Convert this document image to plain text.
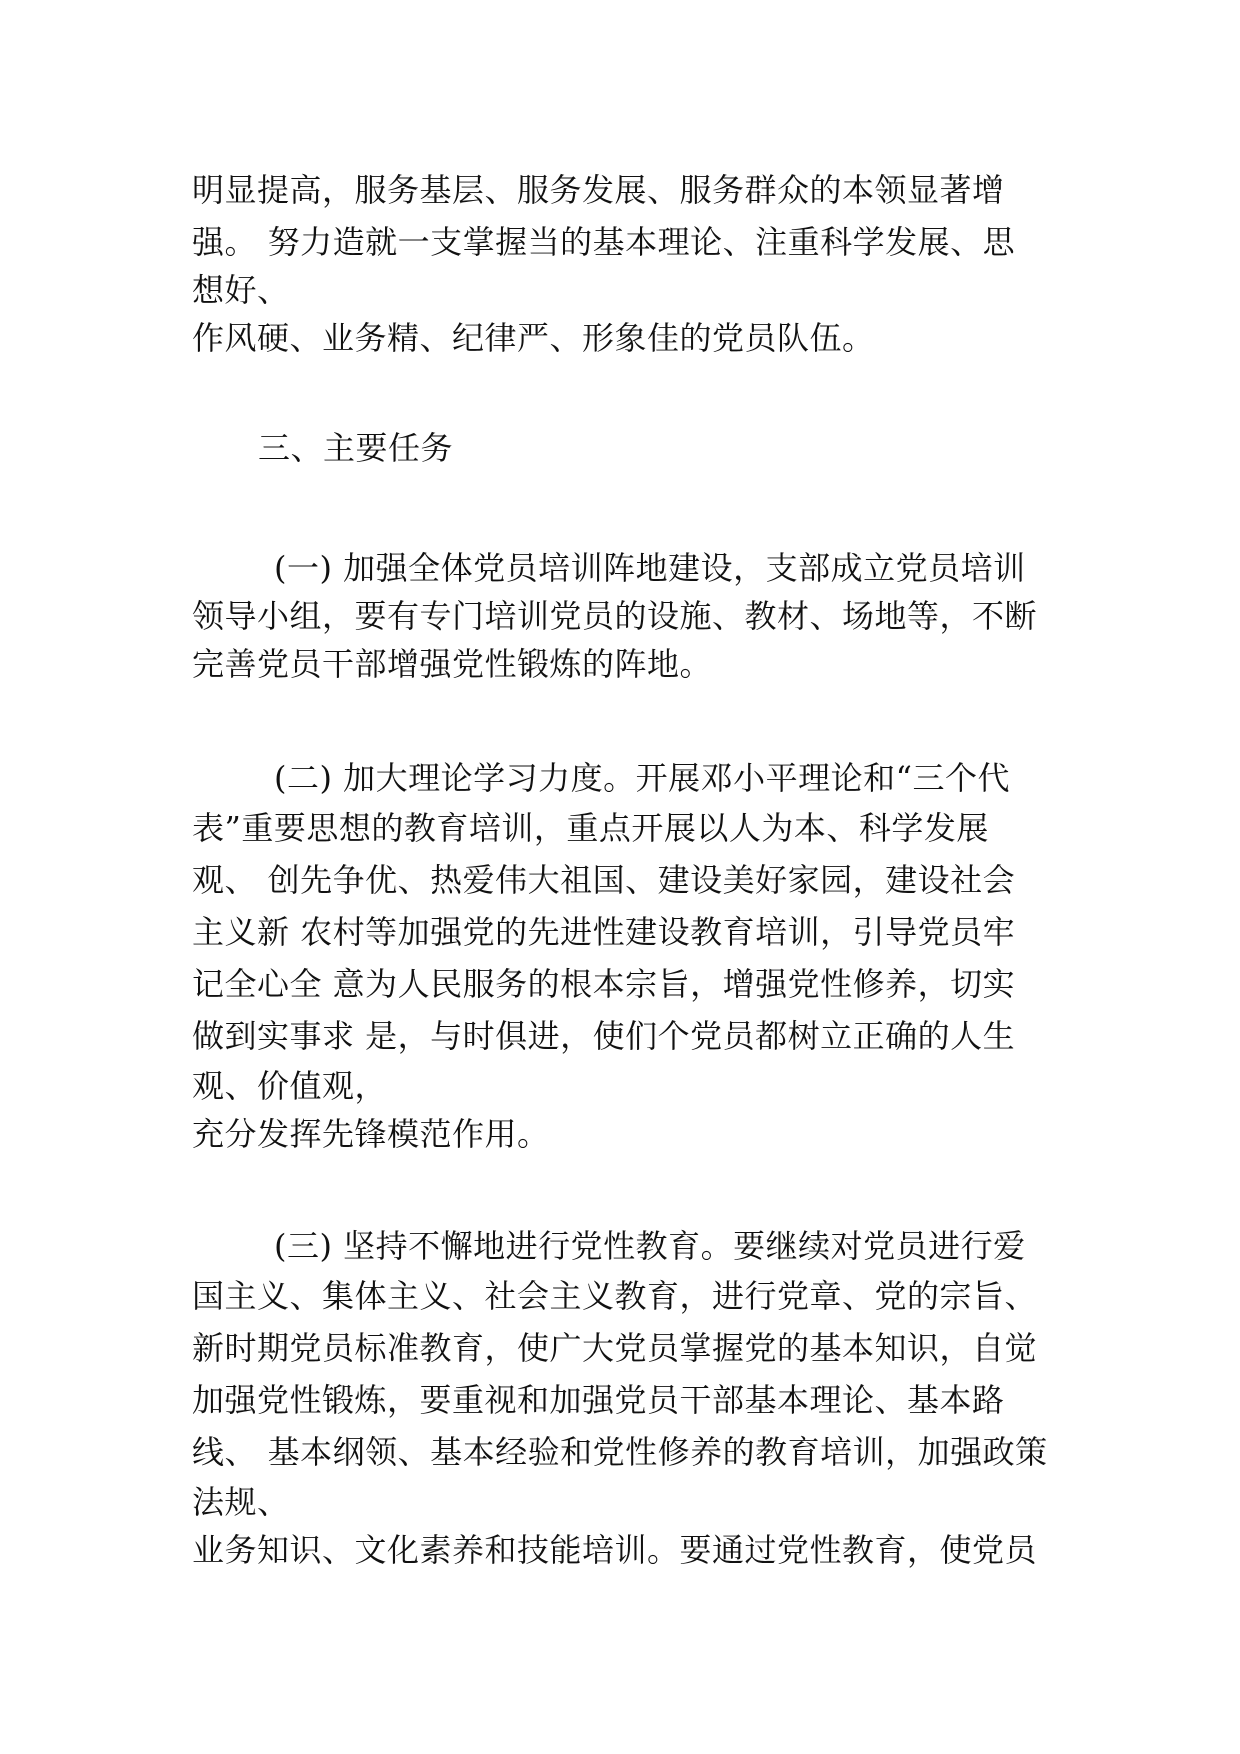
明显提高，服务基层、服务发展、服务群众的本领显著增
强。 努力造就一支掌握当的基本理论、注重科学发展、思
想好、
作风硬、业务精、纪律严、形象佳的党员队伍。
三、主要任务
(一) 加强全体党员培训阵地建设，支部成立党员培训
领导小组，要有专门培训党员的设施、教材、场地等，不断
完善党员干部增强党性锻炼的阵地。
(二) 加大理论学习力度。开展邓小平理论和“三个代
表”重要思想的教育培训，重点开展以人为本、科学发展
观、 创先争优、热爱伟大祖国、建设美好家园，建设社会
主义新 农村等加强党的先进性建设教育培训，引导党员牢
记全心全 意为人民服务的根本宗旨，增强党性修养，切实
做到实事求 是，与时俱进，使们个党员都树立正确的人生
观、价值观，
充分发挥先锋模范作用。
(三) 坚持不懈地进行党性教育。要继续对党员进行爱
国主义、集体主义、社会主义教育，进行党章、党的宗旨、
新时期党员标准教育，使广大党员掌握党的基本知识，自觉
加强党性锻炼，要重视和加强党员干部基本理论、基本路
线、 基本纲领、基本经验和党性修养的教育培训，加强政策
法规、
业务知识、文化素养和技能培训。要通过党性教育，使党员
